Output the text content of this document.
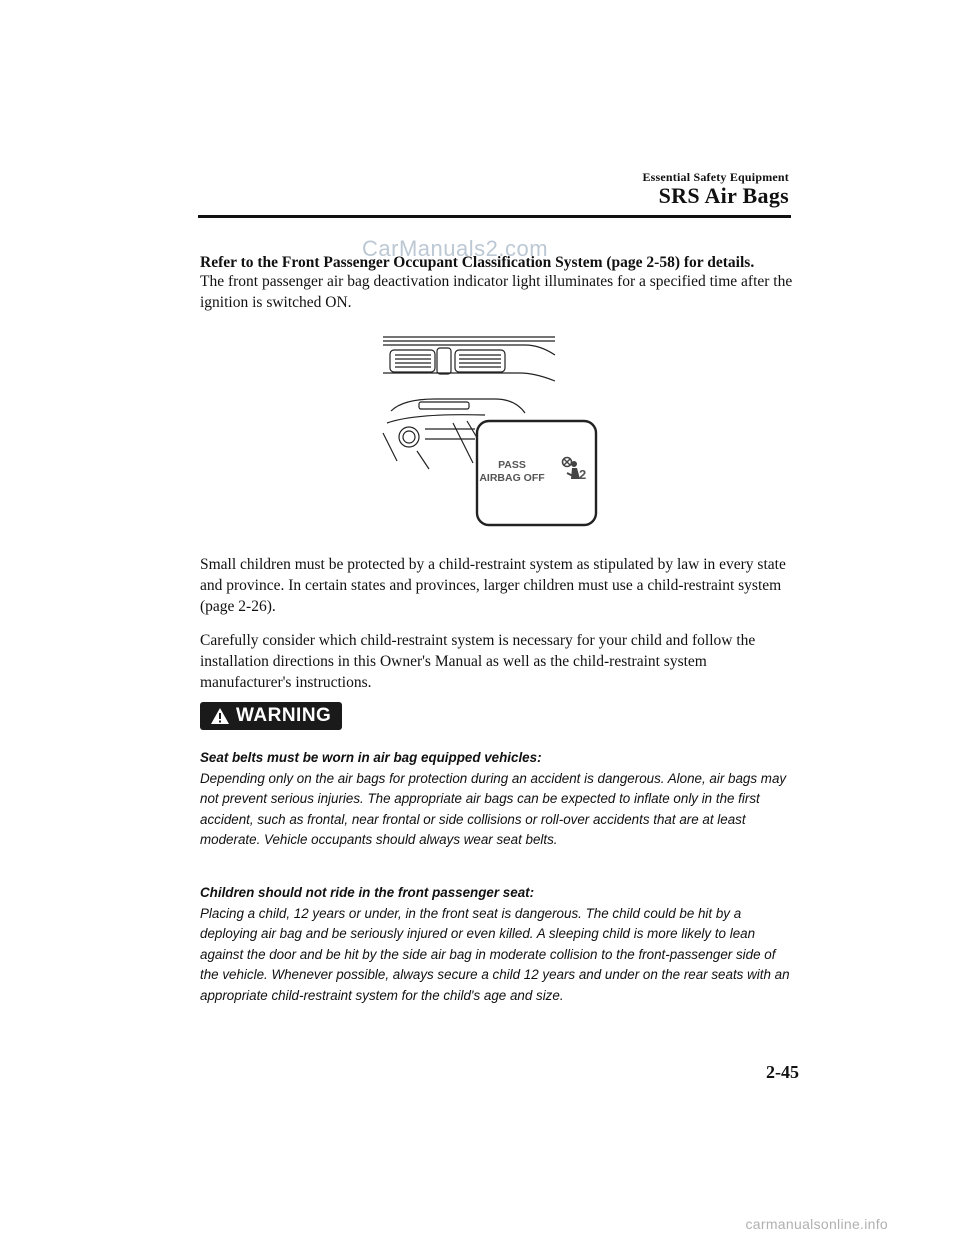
Essential Safety Equipment
SRS Air Bags
Refer to the Front Passenger Occupant Classification System (page 2-58) for details.
CarManuals2.com
The front passenger air bag deactivation indicator light illuminates for a specified time after the ignition is switched ON.
PASS
AIRBAG OFF	2
Small children must be protected by a child-restraint system as stipulated by law in every state and province. In certain states and provinces, larger children must use a child-restraint system (page 2-26).
Carefully consider which child-restraint system is necessary for your child and follow the installation directions in this Owner's Manual as well as the child-restraint system manufacturer's instructions.
WARNING
Seat belts must be worn in air bag equipped vehicles:
Depending only on the air bags for protection during an accident is dangerous. Alone, air bags may not prevent serious injuries. The appropriate air bags can be expected to inflate only in the first accident, such as frontal, near frontal or side collisions or roll-over accidents that are at least moderate. Vehicle occupants should always wear seat belts.
Children should not ride in the front passenger seat:
Placing a child, 12 years or under, in the front seat is dangerous. The child could be hit by a deploying air bag and be seriously injured or even killed. A sleeping child is more likely to lean against the door and be hit by the side air bag in moderate collision to the front-passenger side of the vehicle. Whenever possible, always secure a child 12 years and under on the rear seats with an appropriate child-restraint system for the child's age and size.
2-45
carmanualsonline.info
